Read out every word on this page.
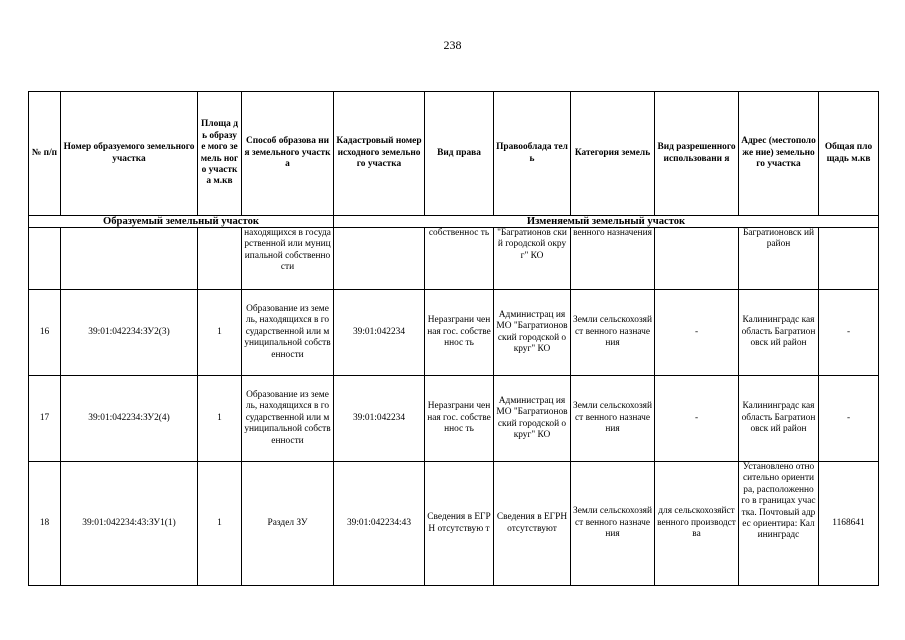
238
№ п/п	Номер образуемого земельного участка	Площа дь образу е мого земель ного участк а м.кв	Способ образова ния земельного участка	Кадастровый номер исходного земельного участка	Вид права	Правооблада тель	Категория земель	Вид разрешенного использовани я	Адрес (местоположе ние) земельного участка	Общая площадь м.кв
Образуемый земельный участок				Изменяемый земельный участок						
			находящихся в государственной или муниципальной собственности		собственнос ть	"Багратионов ский городской округ" КО	венного назначения		Багратионовск ий район	
16	39:01:042234:ЗУ2(3)	1	Образование из земель, находящихся в государственной или муниципальной собственности	39:01:042234	Неразграни ченная гос. собственнос ть	Администрац ия МО "Багратионов ский городской округ" КО	Земли сельскохозяйст венного назначения	-	Калининградс кая область Багратионовск ий район	-
17	39:01:042234:ЗУ2(4)	1	Образование из земель, находящихся в государственной или муниципальной собственности	39:01:042234	Неразграни ченная гос. собственнос ть	Администрац ия МО "Багратионов ский городской округ" КО	Земли сельскохозяйст венного назначения	-	Калининградс кая область Багратионовск ий район	-
18	39:01:042234:43:ЗУ1(1)	1	Раздел ЗУ	39:01:042234:43	Сведения в ЕГРН отсутствую т	Сведения в ЕГРН отсутствуют	Земли сельскохозяйст венного назначения	для сельскохозяйст венного производства	Установлено относительно ориентира, расположенно го в границах участка. Почтовый адрес ориентира: Калининградс	1168641
